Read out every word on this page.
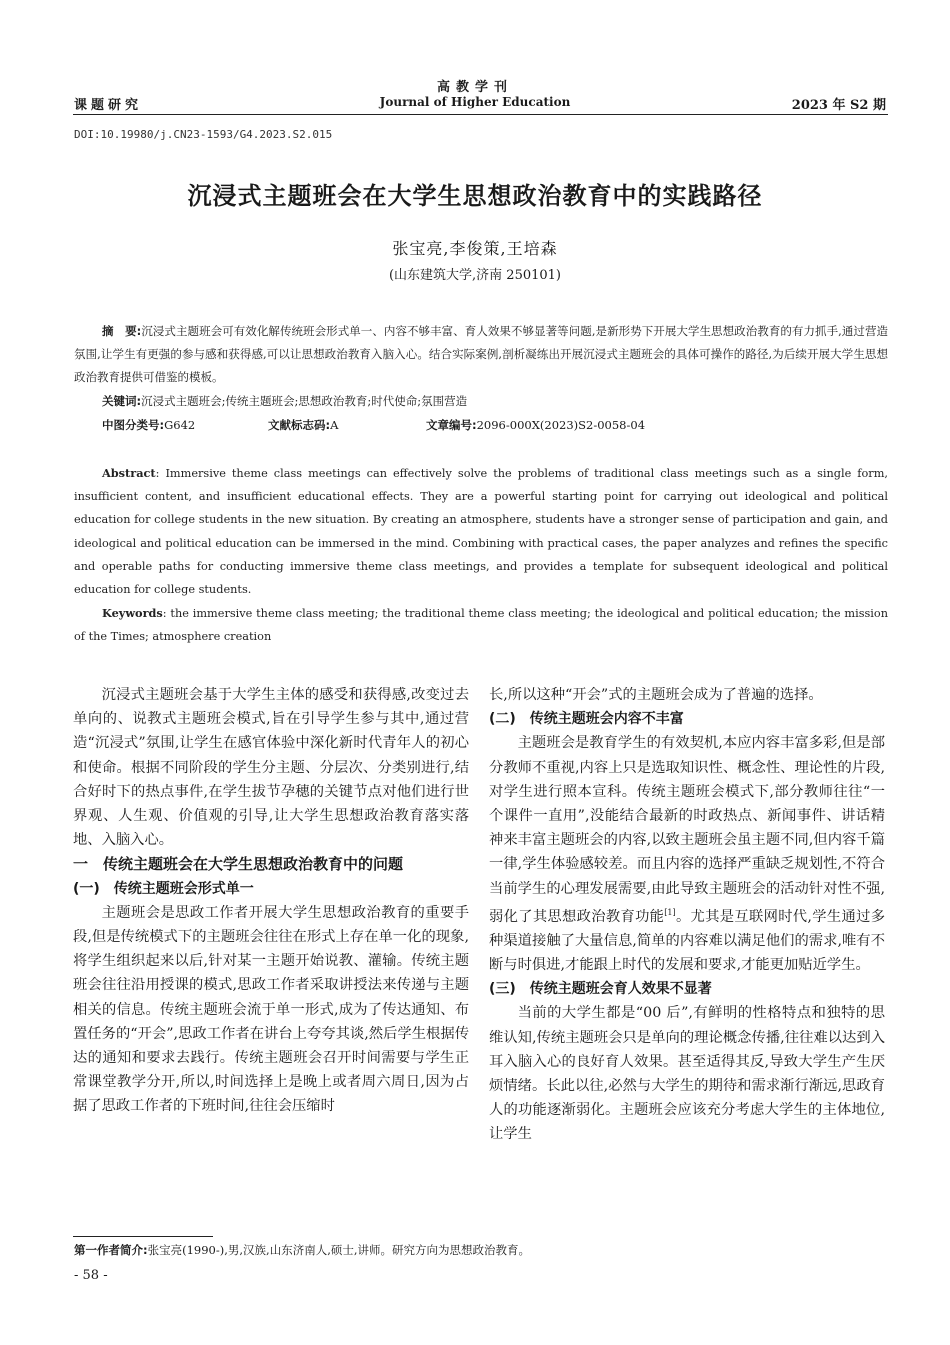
高教学刊
课题研究	Journal of Higher Education	2023 年 S2 期
DOI:10.19980/j.CN23-1593/G4.2023.S2.015
沉浸式主题班会在大学生思想政治教育中的实践路径
张宝亮,李俊策,王培森
(山东建筑大学,济南 250101)
摘　要:沉浸式主题班会可有效化解传统班会形式单一、内容不够丰富、育人效果不够显著等问题,是新形势下开展大学生思想政治教育的有力抓手,通过营造氛围,让学生有更强的参与感和获得感,可以让思想政治教育入脑入心。结合实际案例,剖析凝练出开展沉浸式主题班会的具体可操作的路径,为后续开展大学生思想政治教育提供可借鉴的模板。
关键词:沉浸式主题班会;传统主题班会;思想政治教育;时代使命;氛围营造
中图分类号:G642	文献标志码:A	文章编号:2096-000X(2023)S2-0058-04
Abstract: Immersive theme class meetings can effectively solve the problems of traditional class meetings such as a single form, insufficient content, and insufficient educational effects. They are a powerful starting point for carrying out ideological and political education for college students in the new situation. By creating an atmosphere, students have a stronger sense of participation and gain, and ideological and political education can be immersed in the mind. Combining with practical cases, the paper analyzes and refines the specific and operable paths for conducting immersive theme class meetings, and provides a template for subsequent ideological and political education for college students.
Keywords: the immersive theme class meeting; the traditional theme class meeting; the ideological and political education; the mission of the Times; atmosphere creation

沉浸式主题班会基于大学生主体的感受和获得感,改变过去单向的、说教式主题班会模式,旨在引导学生参与其中,通过营造“沉浸式”氛围,让学生在感官体验中深化新时代青年人的初心和使命。根据不同阶段的学生分主题、分层次、分类别进行,结合好时下的热点事件,在学生拔节孕穗的关键节点对他们进行世界观、人生观、价值观的引导,让大学生思想政治教育落实落地、入脑入心。

一　传统主题班会在大学生思想政治教育中的问题

(一)　传统主题班会形式单一

主题班会是思政工作者开展大学生思想政治教育的重要手段,但是传统模式下的主题班会往往在形式上存在单一化的现象,将学生组织起来以后,针对某一主题开始说教、灌输。传统主题班会往往沿用授课的模式,思政工作者采取讲授法来传递与主题相关的信息。传统主题班会流于单一形式,成为了传达通知、布置任务的“开会”,思政工作者在讲台上夸夸其谈,然后学生根据传达的通知和要求去践行。传统主题班会召开时间需要与学生正常课堂教学分开,所以,时间选择上是晚上或者周六周日,因为占据了思政工作者的下班时间,往往会压缩时

长,所以这种“开会”式的主题班会成为了普遍的选择。

(二)　传统主题班会内容不丰富

主题班会是教育学生的有效契机,本应内容丰富多彩,但是部分教师不重视,内容上只是选取知识性、概念性、理论性的片段,对学生进行照本宣科。传统主题班会模式下,部分教师往往“一个课件一直用”,没能结合最新的时政热点、新闻事件、讲话精神来丰富主题班会的内容,以致主题班会虽主题不同,但内容千篇一律,学生体验感较差。而且内容的选择严重缺乏规划性,不符合当前学生的心理发展需要,由此导致主题班会的活动针对性不强,弱化了其思想政治教育功能[1]。尤其是互联网时代,学生通过多种渠道接触了大量信息,简单的内容难以满足他们的需求,唯有不断与时俱进,才能跟上时代的发展和要求,才能更加贴近学生。

(三)　传统主题班会育人效果不显著

当前的大学生都是“00 后”,有鲜明的性格特点和独特的思维认知,传统主题班会只是单向的理论概念传播,往往难以达到入耳入脑入心的良好育人效果。甚至适得其反,导致大学生产生厌烦情绪。长此以往,必然与大学生的期待和需求渐行渐远,思政育人的功能逐渐弱化。主题班会应该充分考虑大学生的主体地位,让学生

第一作者简介:张宝亮(1990-),男,汉族,山东济南人,硕士,讲师。研究方向为思想政治教育。
- 58 -
